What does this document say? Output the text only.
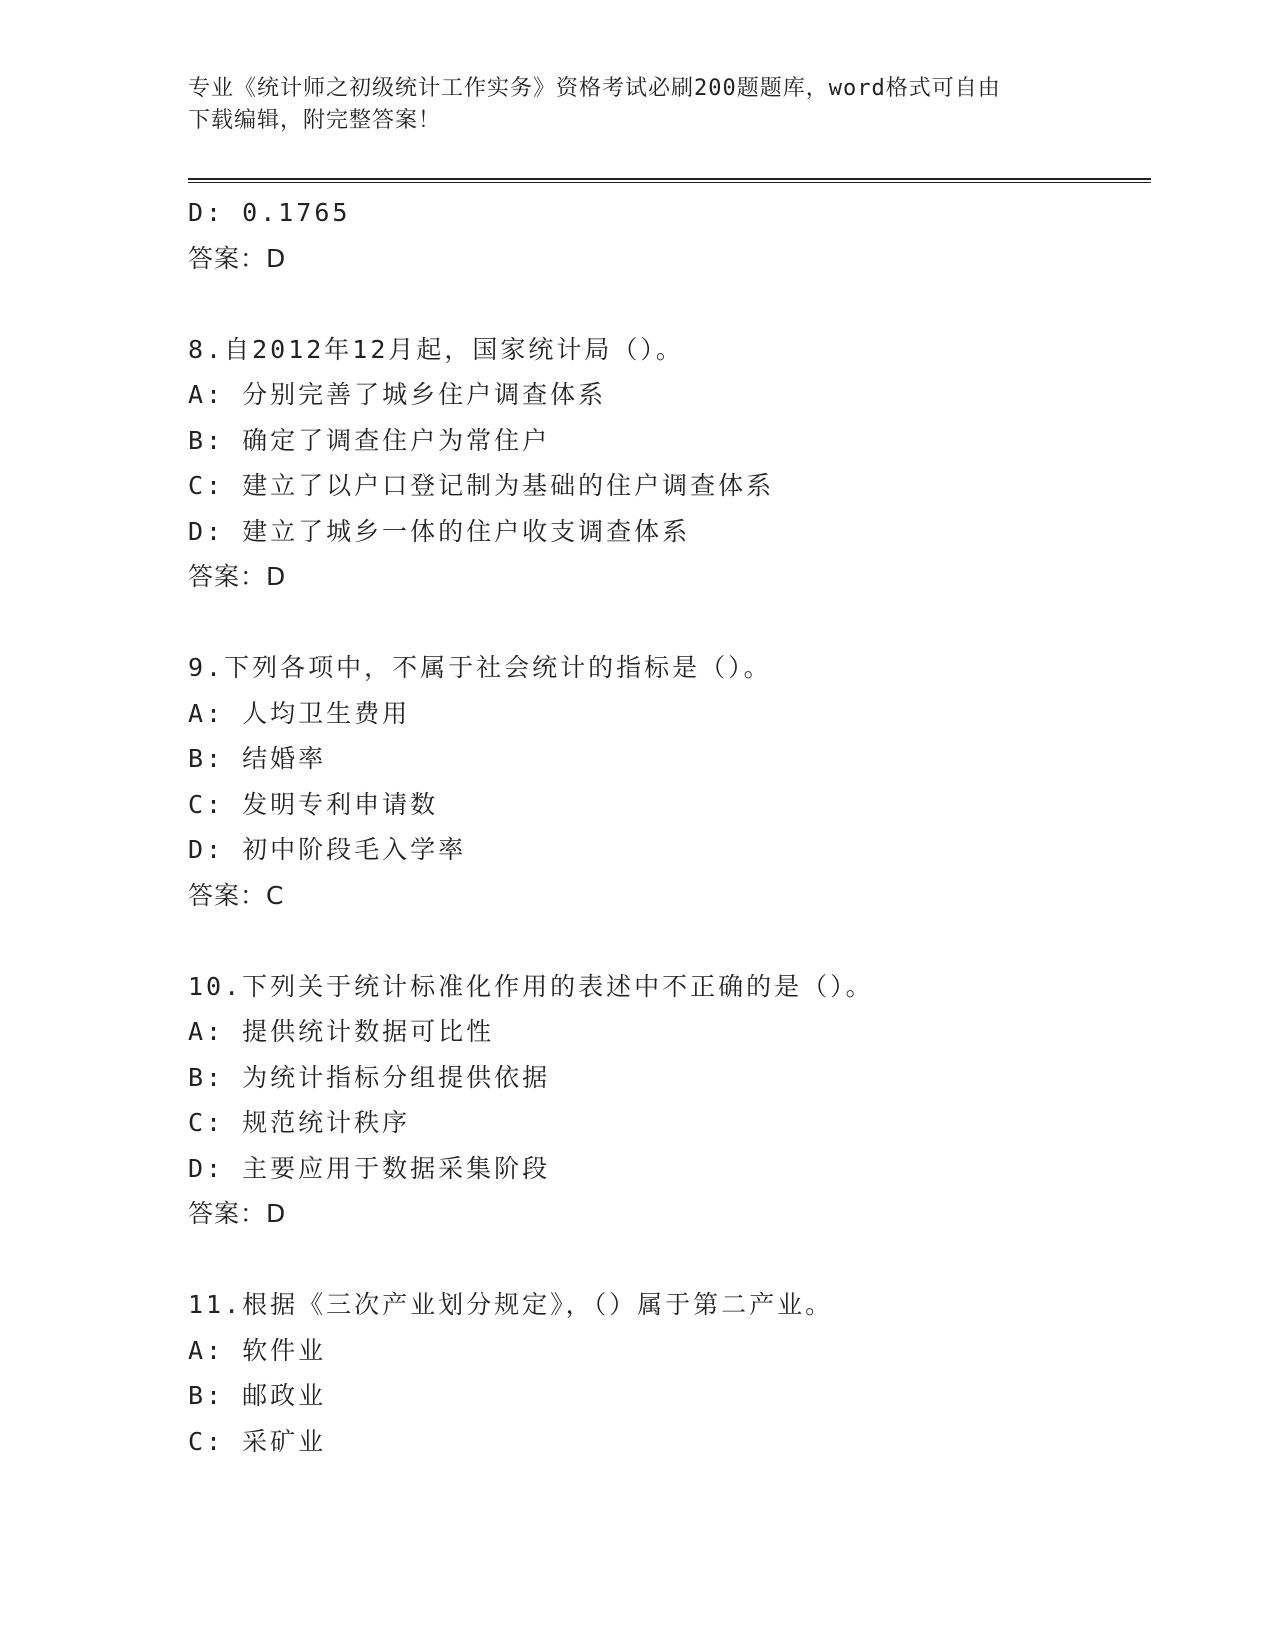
专业《统计师之初级统计工作实务》资格考试必刷200题题库，word格式可自由
下载编辑，附完整答案！
D: 0.1765
答案：D
8.自2012年12月起，国家统计局（）。
A: 分别完善了城乡住户调查体系
B: 确定了调查住户为常住户
C: 建立了以户口登记制为基础的住户调查体系
D: 建立了城乡一体的住户收支调查体系
答案：D
9.下列各项中，不属于社会统计的指标是（）。
A: 人均卫生费用
B: 结婚率
C: 发明专利申请数
D: 初中阶段毛入学率
答案：C
10.下列关于统计标准化作用的表述中不正确的是（）。
A: 提供统计数据可比性
B: 为统计指标分组提供依据
C: 规范统计秩序
D: 主要应用于数据采集阶段
答案：D
11.根据《三次产业划分规定》，（）属于第二产业。
A: 软件业
B: 邮政业
C: 采矿业
